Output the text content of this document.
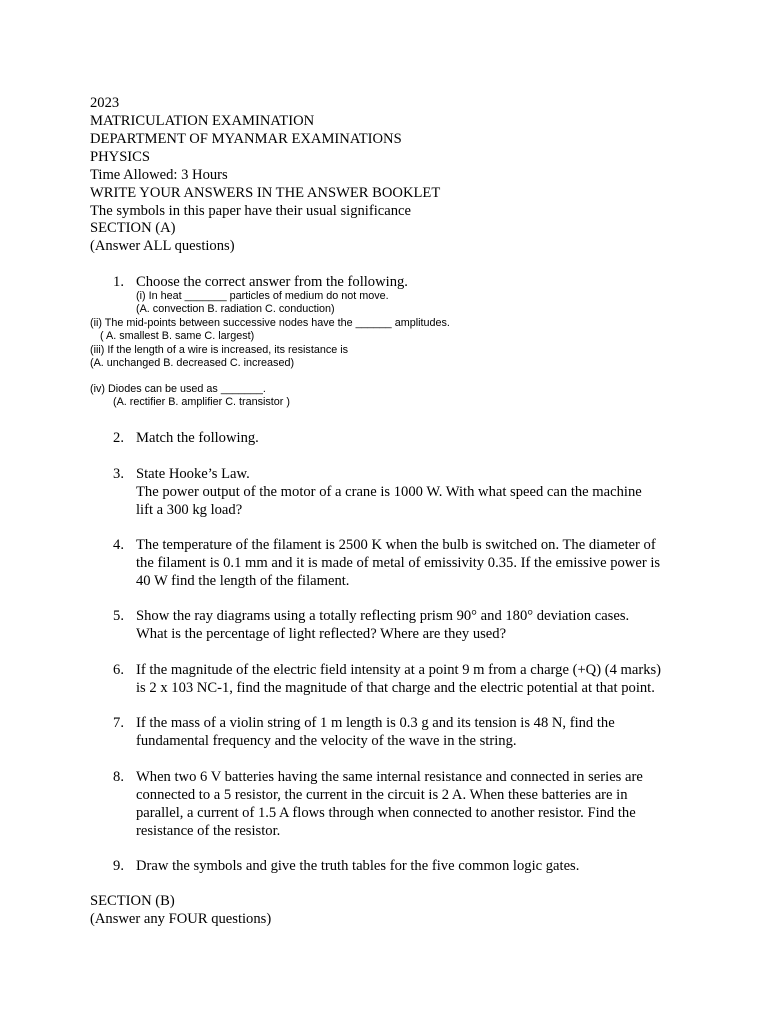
2023
MATRICULATION EXAMINATION
DEPARTMENT OF MYANMAR EXAMINATIONS
PHYSICS
Time Allowed: 3 Hours
WRITE YOUR ANSWERS IN THE ANSWER BOOKLET
The symbols in this paper have their usual significance
SECTION (A)
(Answer ALL questions)
1. Choose the correct answer from the following.
(i) In heat _______ particles of medium do not move.
(A. convection B. radiation C. conduction)
(ii) The mid-points between successive nodes have the ______ amplitudes.
( A. smallest B. same C. largest)
(iii) If the length of a wire is increased, its resistance is
(A. unchanged B. decreased C. increased)
(iv) Diodes can be used as _______.
(A. rectifier B. amplifier C. transistor )
2. Match the following.
3. State Hooke’s Law.
The power output of the motor of a crane is 1000 W. With what speed can the machine
lift a 300 kg load?
4. The temperature of the filament is 2500 K when the bulb is switched on. The diameter of
the filament is 0.1 mm and it is made of metal of emissivity 0.35. If the emissive power is
40 W find the length of the filament.
5. Show the ray diagrams using a totally reflecting prism 90° and 180° deviation cases.
What is the percentage of light reflected? Where are they used?
6. If the magnitude of the electric field intensity at a point 9 m from a charge (+Q) (4 marks)
is 2 x 103 NC-1, find the magnitude of that charge and the electric potential at that point.
7. If the mass of a violin string of 1 m length is 0.3 g and its tension is 48 N, find the
fundamental frequency and the velocity of the wave in the string.
8. When two 6 V batteries having the same internal resistance and connected in series are
connected to a 5 resistor, the current in the circuit is 2 A. When these batteries are in
parallel, a current of 1.5 A flows through when connected to another resistor. Find the
resistance of the resistor.
9. Draw the symbols and give the truth tables for the five common logic gates.
SECTION (B)
(Answer any FOUR questions)
